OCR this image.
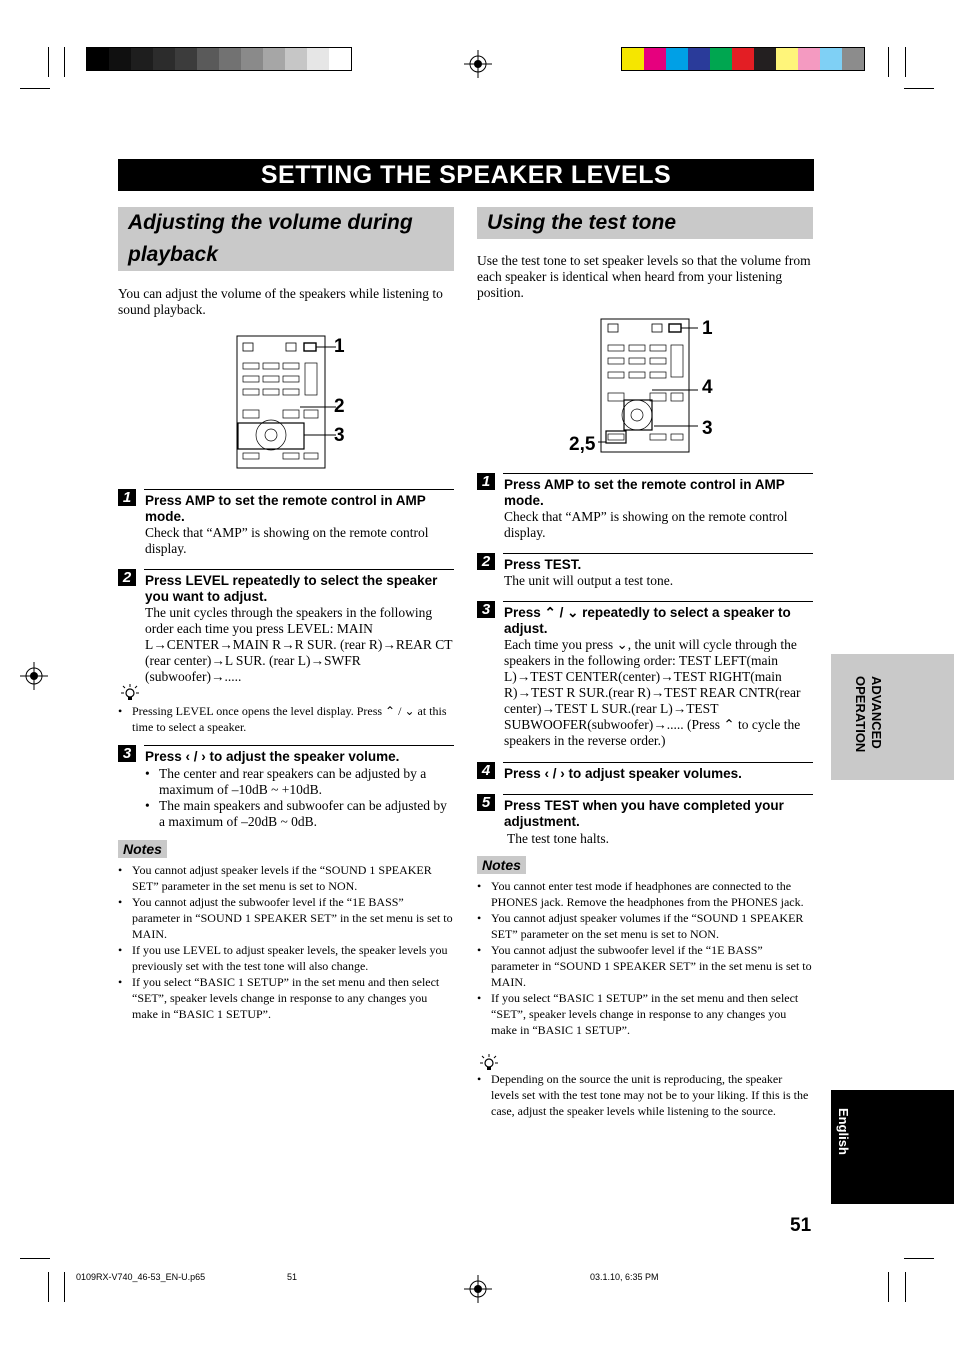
SETTING THE SPEAKER LEVELS
Adjusting the volume during playback
You can adjust the volume of the speakers while listening to sound playback.
1
2
3
1	Press AMP to set the remote control in AMP mode.
Check that “AMP” is showing on the remote control display.
2	Press LEVEL repeatedly to select the speaker you want to adjust.
The unit cycles through the speakers in the following order each time you press LEVEL: MAIN L→CENTER→MAIN R→R SUR. (rear R)→REAR CT (rear center)→L SUR. (rear L)→SWFR (subwoofer)→.....
• Pressing LEVEL once opens the level display. Press ⌃ / ⌄ at this time to select a speaker.
3	Press ‹ / › to adjust the speaker volume.
• The center and rear speakers can be adjusted by a maximum of –10dB ~ +10dB.
• The main speakers and subwoofer can be adjusted by a maximum of –20dB ~ 0dB.
Notes
• You cannot adjust speaker levels if the “SOUND 1 SPEAKER SET” parameter in the set menu is set to NON.
• You cannot adjust the subwoofer level if the “1E BASS” parameter in “SOUND 1 SPEAKER SET” in the set menu is set to MAIN.
• If you use LEVEL to adjust speaker levels, the speaker levels you previously set with the test tone will also change.
• If you select “BASIC 1 SETUP” in the set menu and then select “SET”, speaker levels change in response to any changes you make in “BASIC 1 SETUP”.
Using the test tone
Use the test tone to set speaker levels so that the volume from each speaker is identical when heard from your listening position.
1
4
3
2,5
1	Press AMP to set the remote control in AMP mode.
Check that “AMP” is showing on the remote control display.
2	Press TEST.
The unit will output a test tone.
3	Press ⌃ / ⌄ repeatedly to select a speaker to adjust.
Each time you press ⌄, the unit will cycle through the speakers in the following order: TEST LEFT(main L)→TEST CENTER(center)→TEST RIGHT(main R)→TEST R SUR.(rear R)→TEST REAR CNTR(rear center)→TEST L SUR.(rear L)→TEST SUBWOOFER(subwoofer)→..... (Press ⌃ to cycle the speakers in the reverse order.)
4	Press ‹ / › to adjust speaker volumes.
5	Press TEST when you have completed your adjustment.
The test tone halts.
Notes
• You cannot enter test mode if headphones are connected to the PHONES jack. Remove the headphones from the PHONES jack.
• You cannot adjust speaker volumes if the “SOUND 1 SPEAKER SET” parameter on the set menu is set to NON.
• You cannot adjust the subwoofer level if the “1E BASS” parameter in “SOUND 1 SPEAKER SET” in the set menu is set to MAIN.
• If you select “BASIC 1 SETUP” in the set menu and then select “SET”, speaker levels change in response to any changes you make in “BASIC 1 SETUP”.
• Depending on the source the unit is reproducing, the speaker levels set with the test tone may not be to your liking. If this is the case, adjust the speaker levels while listening to the source.
ADVANCED OPERATION
English
51
0109RX-V740_46-53_EN-U.p65	51	03.1.10, 6:35 PM
